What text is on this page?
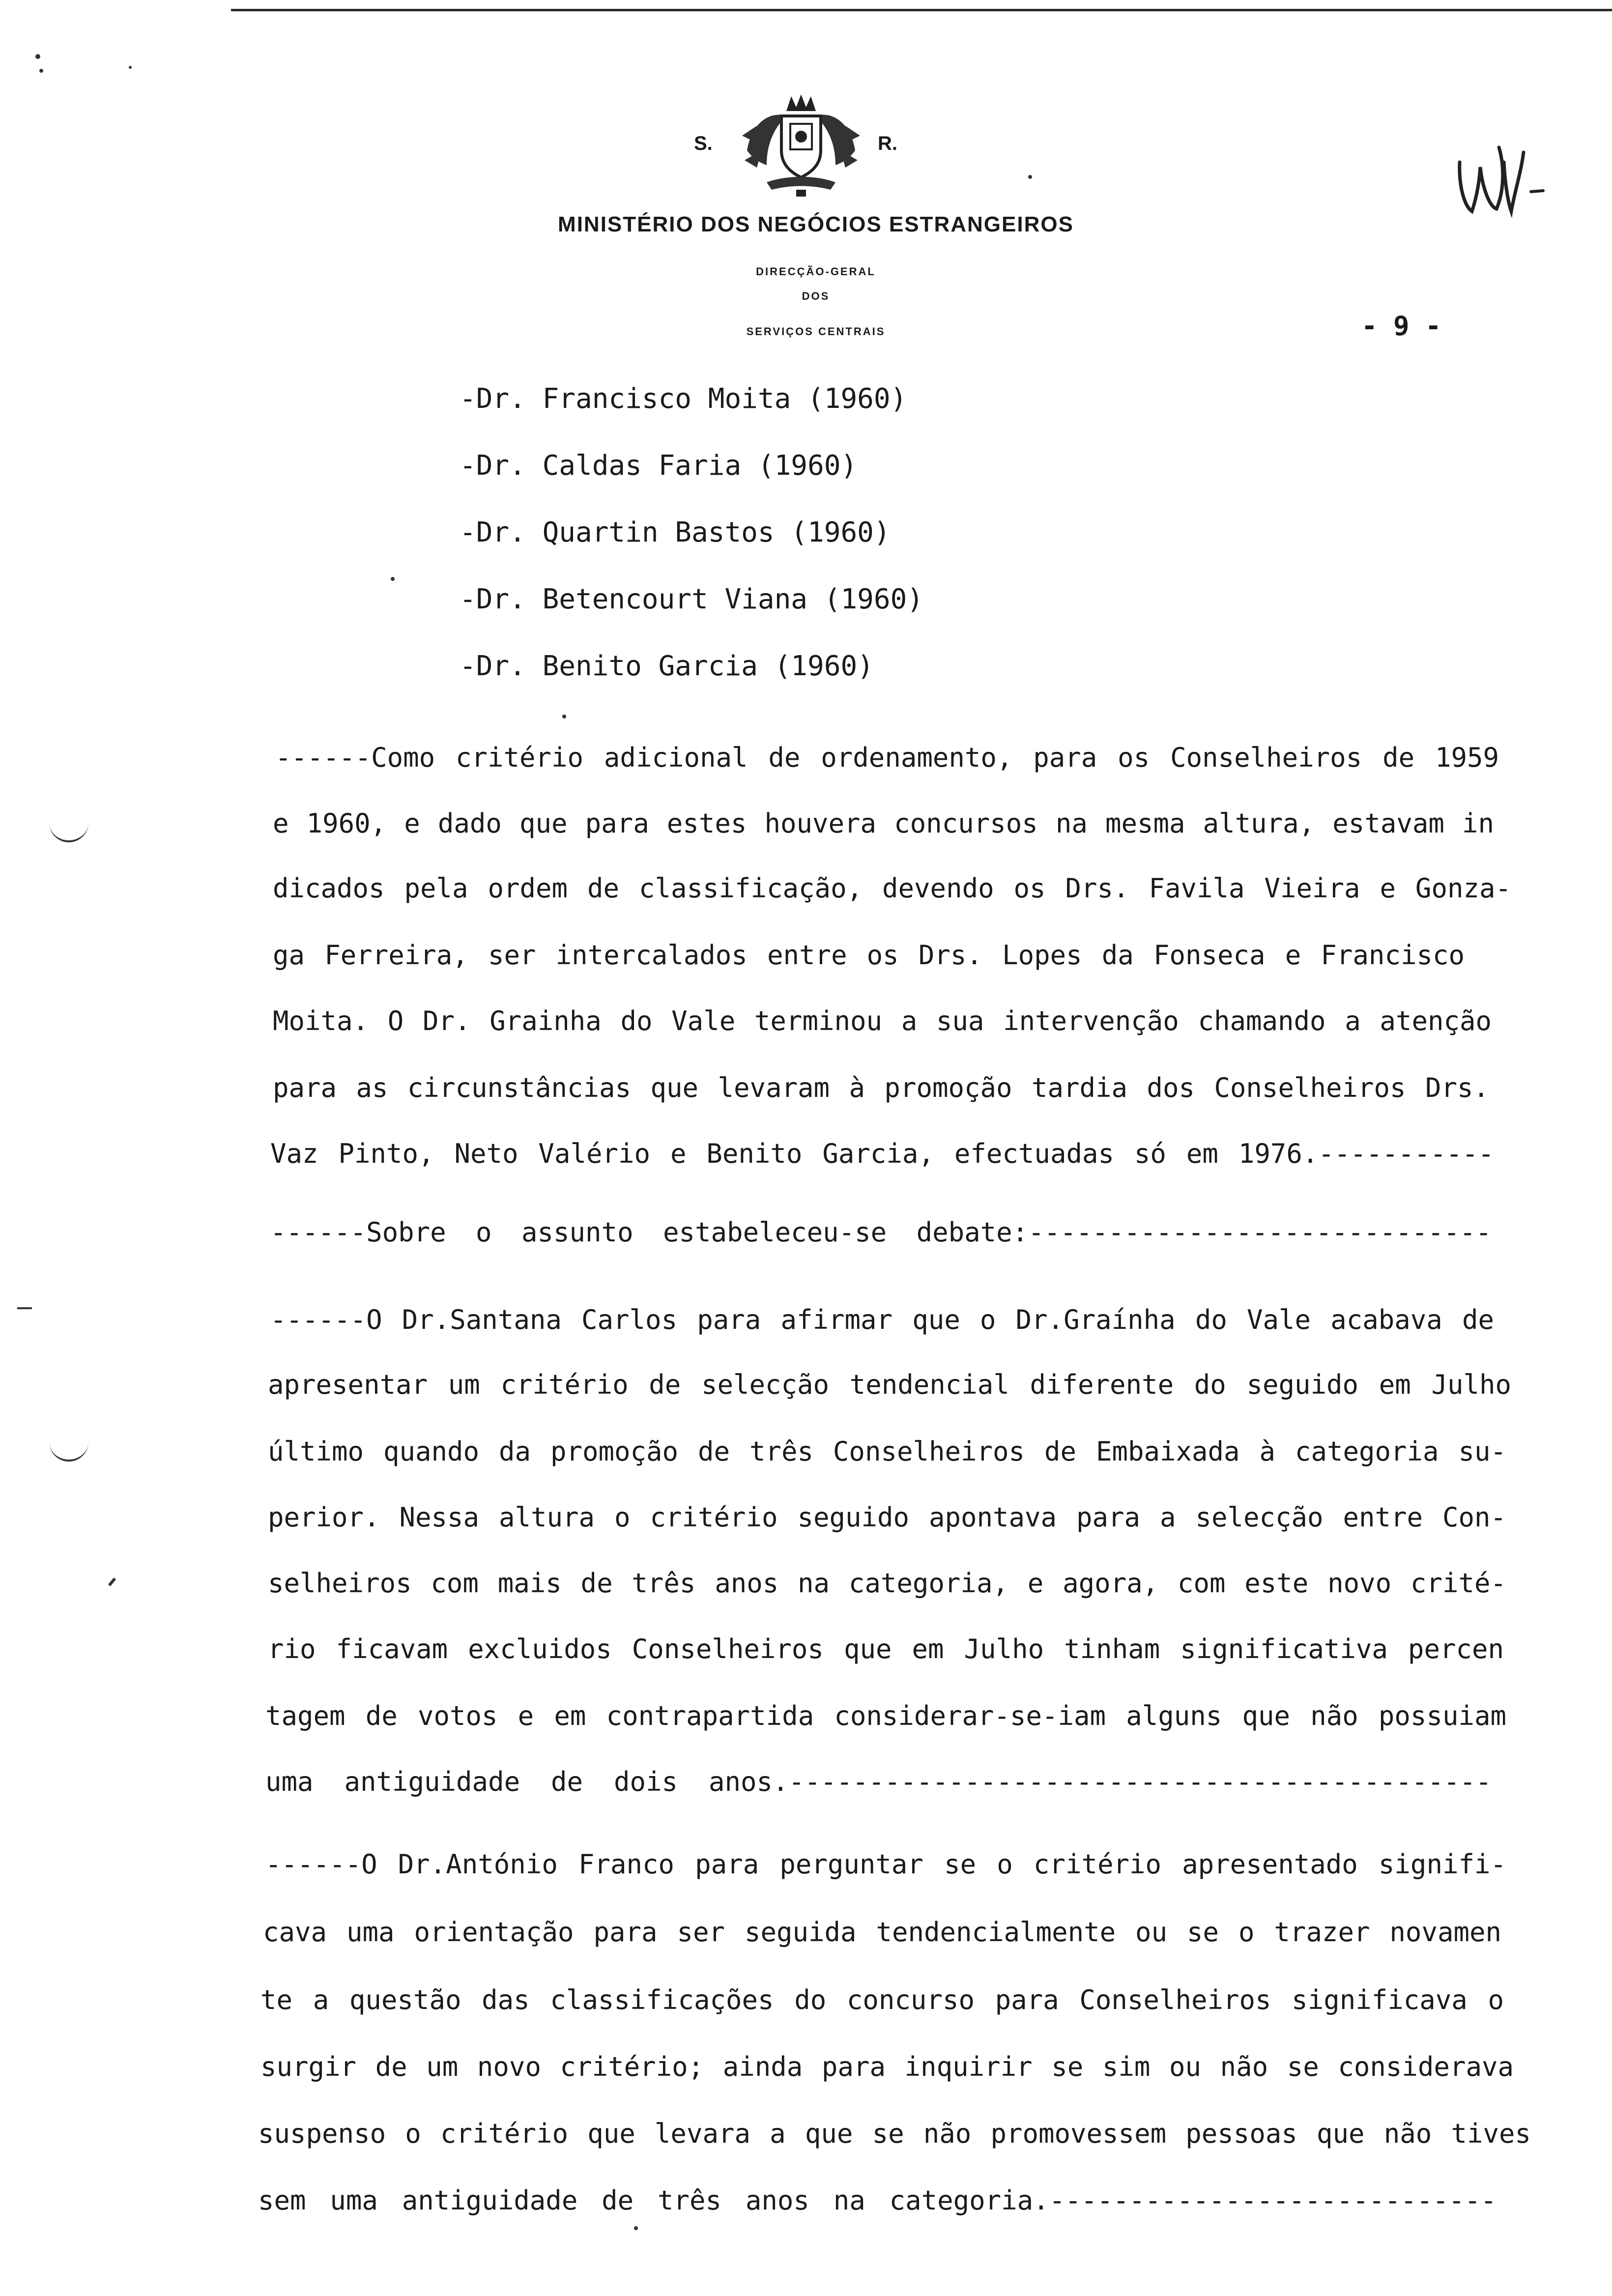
S.	R.
MINISTÉRIO DOS NEGÓCIOS ESTRANGEIROS
DIRECÇÃO-GERAL
DOS
SERVIÇOS CENTRAIS	- 9 -
-Dr. Francisco Moita (1960)
-Dr. Caldas Faria (1960)
-Dr. Quartin Bastos (1960)
-Dr. Betencourt Viana (1960)
-Dr. Benito Garcia (1960)
------Como critério adicional de ordenamento, para os Conselheiros de 1959
e 1960, e dado que para estes houvera concursos na mesma altura, estavam in
dicados pela ordem de classificação, devendo os Drs. Favila Vieira e Gonza-
ga Ferreira, ser intercalados entre os Drs. Lopes da Fonseca e Francisco
Moita. O Dr. Grainha do Vale terminou a sua intervenção chamando a atenção
para as circunstâncias que levaram à promoção tardia dos Conselheiros Drs.
Vaz Pinto, Neto Valério e Benito Garcia, efectuadas só em 1976.-----------
------Sobre o assunto estabeleceu-se debate:-----------------------------
------O Dr.Santana Carlos para afirmar que o Dr.Graínha do Vale acabava de
apresentar um critério de selecção tendencial diferente do seguido em Julho
último quando da promoção de três Conselheiros de Embaixada à categoria su-
perior. Nessa altura o critério seguido apontava para a selecção entre Con-
selheiros com mais de três anos na categoria, e agora, com este novo crité-
rio ficavam excluidos Conselheiros que em Julho tinham significativa percen
tagem de votos e em contrapartida considerar-se-iam alguns que não possuiam
uma antiguidade de dois anos.--------------------------------------------
------O Dr.António Franco para perguntar se o critério apresentado signifi-
cava uma orientação para ser seguida tendencialmente ou se o trazer novamen
te a questão das classificações do concurso para Conselheiros significava o
surgir de um novo critério; ainda para inquirir se sim ou não se considerava
suspenso o critério que levara a que se não promovessem pessoas que não tives
sem uma antiguidade de três anos na categoria.----------------------------
